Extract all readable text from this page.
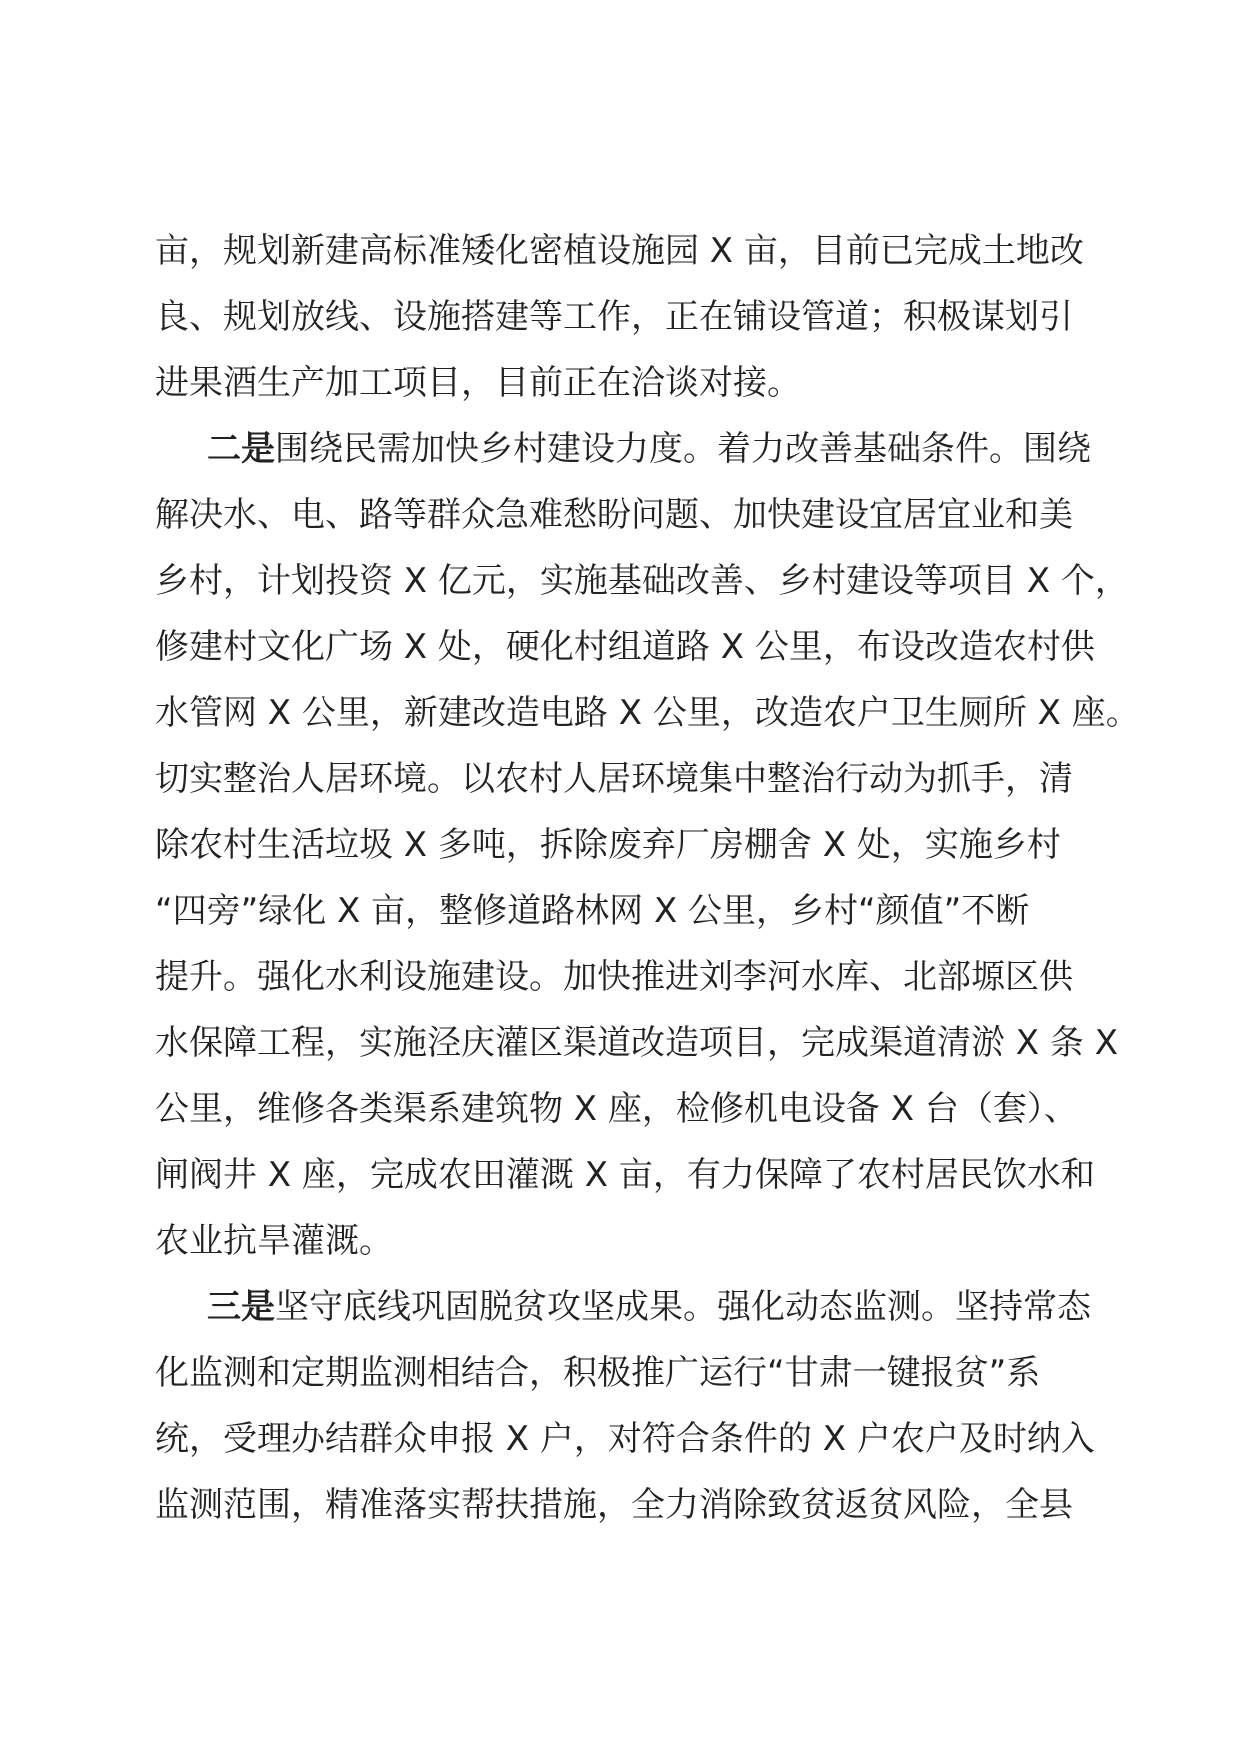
亩，规划新建高标准矮化密植设施园 X 亩，目前已完成土地改
良、规划放线、设施搭建等工作，正在铺设管道；积极谋划引
进果酒生产加工项目，目前正在洽谈对接。
二是围绕民需加快乡村建设力度。着力改善基础条件。围绕
解决水、电、路等群众急难愁盼问题、加快建设宜居宜业和美
乡村，计划投资 X 亿元，实施基础改善、乡村建设等项目 X 个，
修建村文化广场 X 处，硬化村组道路 X 公里，布设改造农村供
水管网 X 公里，新建改造电路 X 公里，改造农户卫生厕所 X 座。
切实整治人居环境。以农村人居环境集中整治行动为抓手，清
除农村生活垃圾 X 多吨，拆除废弃厂房棚舍 X 处，实施乡村
“四旁”绿化 X 亩，整修道路林网 X 公里，乡村“颜值”不断
提升。强化水利设施建设。加快推进刘李河水库、北部塬区供
水保障工程，实施泾庆灌区渠道改造项目，完成渠道清淤 X 条 X
公里，维修各类渠系建筑物 X 座，检修机电设备 X 台（套）、
闸阀井 X 座，完成农田灌溉 X 亩，有力保障了农村居民饮水和
农业抗旱灌溉。
三是坚守底线巩固脱贫攻坚成果。强化动态监测。坚持常态
化监测和定期监测相结合，积极推广运行“甘肃一键报贫”系
统，受理办结群众申报 X 户，对符合条件的 X 户农户及时纳入
监测范围，精准落实帮扶措施，全力消除致贫返贫风险，全县
